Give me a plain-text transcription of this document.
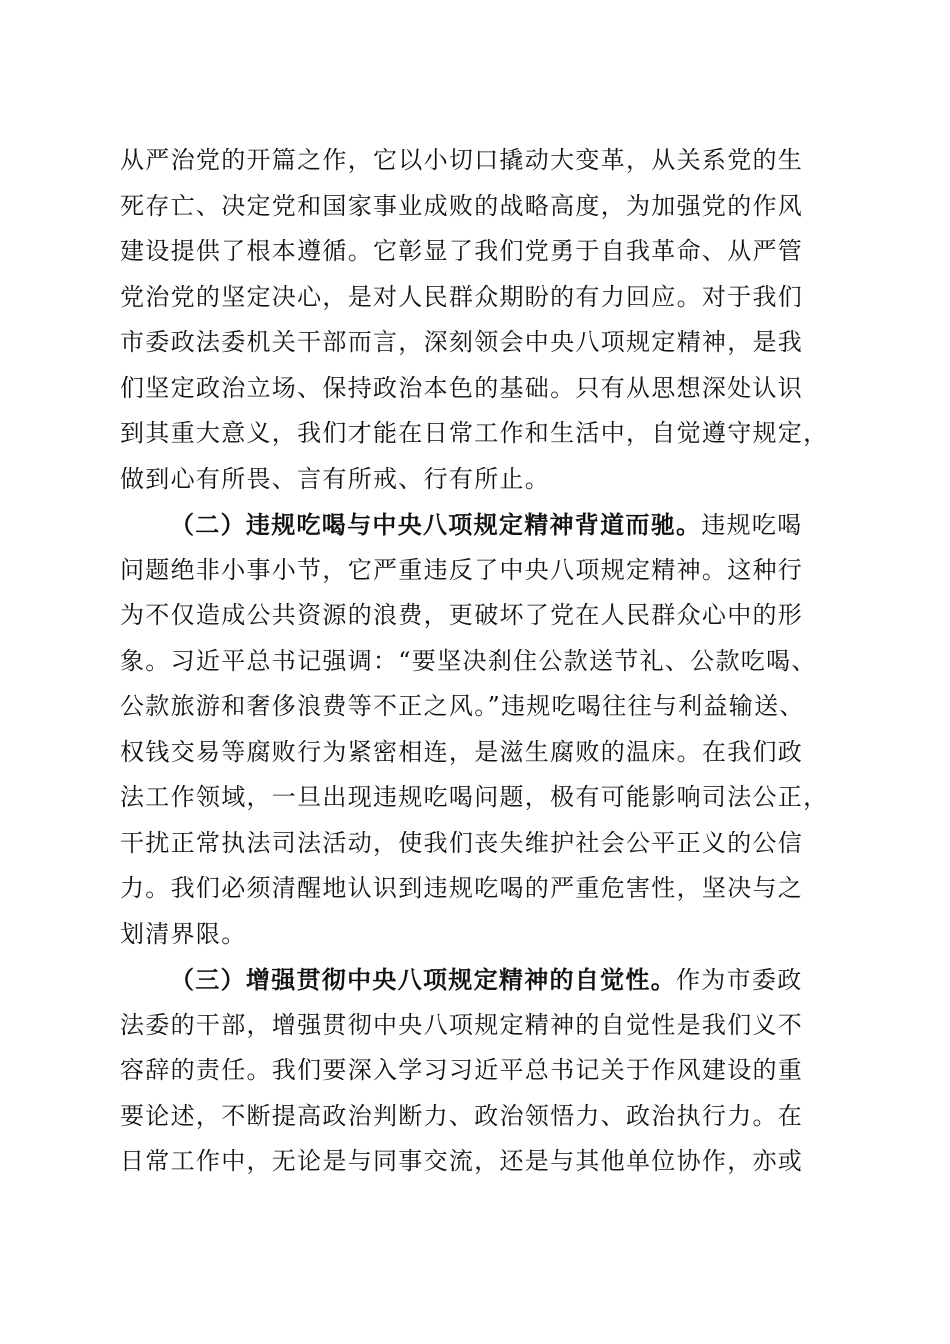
从严治党的开篇之作，它以小切口撬动大变革，从关系党的生
死存亡、决定党和国家事业成败的战略高度，为加强党的作风
建设提供了根本遵循。它彰显了我们党勇于自我革命、从严管
党治党的坚定决心，是对人民群众期盼的有力回应。对于我们
市委政法委机关干部而言，深刻领会中央八项规定精神，是我
们坚定政治立场、保持政治本色的基础。只有从思想深处认识
到其重大意义，我们才能在日常工作和生活中，自觉遵守规定，
做到心有所畏、言有所戒、行有所止。
（二）违规吃喝与中央八项规定精神背道而驰。违规吃喝
问题绝非小事小节，它严重违反了中央八项规定精神。这种行
为不仅造成公共资源的浪费，更破坏了党在人民群众心中的形
象。习近平总书记强调：“要坚决刹住公款送节礼、公款吃喝、
公款旅游和奢侈浪费等不正之风。”违规吃喝往往与利益输送、
权钱交易等腐败行为紧密相连，是滋生腐败的温床。在我们政
法工作领域，一旦出现违规吃喝问题，极有可能影响司法公正，
干扰正常执法司法活动，使我们丧失维护社会公平正义的公信
力。我们必须清醒地认识到违规吃喝的严重危害性，坚决与之
划清界限。
（三）增强贯彻中央八项规定精神的自觉性。作为市委政
法委的干部，增强贯彻中央八项规定精神的自觉性是我们义不
容辞的责任。我们要深入学习习近平总书记关于作风建设的重
要论述，不断提高政治判断力、政治领悟力、政治执行力。在
日常工作中，无论是与同事交流，还是与其他单位协作，亦或
